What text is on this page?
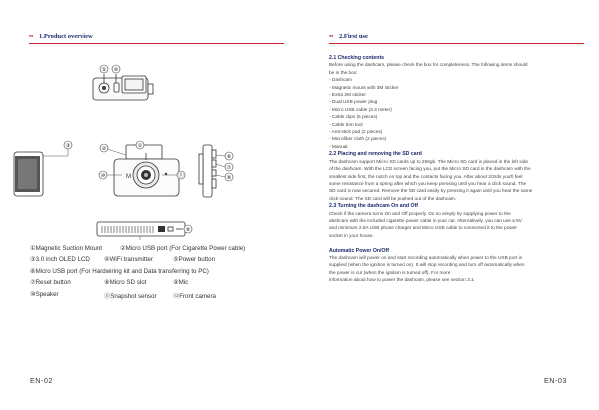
•• 1.Product overview
M
⑤ ④
①
②
③
⑩	⑪
⑥
⑦
⑧
⑨
①Magnetic Suction Mount	②Micro USB port (For Cigarette Power cable)
③3.0 inch OLED LCD ④WiFi transmitter	⑤Power button
⑥Micro USB port (For Hardwiring kit and Data transferring to PC)
⑦Reset button	⑧Micro SD slot	⑨Mic
⑩Speaker	⑪Snapshot sensor	⑫Front camera
EN-02
•• 2.First use
2.1 Checking contents
Before using the dashcam, please check the box for completeness. The following items should
be in the box:
- Dashcam
- Magnetic mount with 3M sticker
- Extra 3M sticker
- Dual USB power plug
- Micro USB cable (3.3 meter)
- Cable clips (5 pieces)
- Cable trim tool
- Anti-stick pad (2 pieces)
- Microfiber cloth (2 pieces)
- Manual
2.2 Placing and removing the SD card
The dashcam support Micro SD cards up to 256gb. The Micro SD card is placed in the left side
of the dashcam. With the LCD screen facing you, put the Micro SD card in the dashcam with the
smallest side first, the notch on top and the contacts facing you. After about 2/3rds you'll feel
some resistance from a spring after which you keep pressing until you hear a click sound. The
SD card is now secured. Remove the SD card easily by pressing it again until you hear the same
click sound. The SD card will be pushed out of the dashcam.
2.3 Turning the dashcam On and Off
Check if the camera turns On and Off properly. Do so simply by supplying power to the
dashcam with the included cigarette power cable in your car. Alternatively, you can use a 5V
and minimum 2.5A USB phone charger and Micro USB cable to connected it to the power
socket in your house.
Automatic Power On/Off
The dashcam will power on and start recording automatically when power to the USB port is
supplied (when the ignition is turned on). It will stop recording and turn off automatically when
the power is cut (when the ignition is turned off). For more
information about how to power the dashcam, please see section 3.1.
EN-03
